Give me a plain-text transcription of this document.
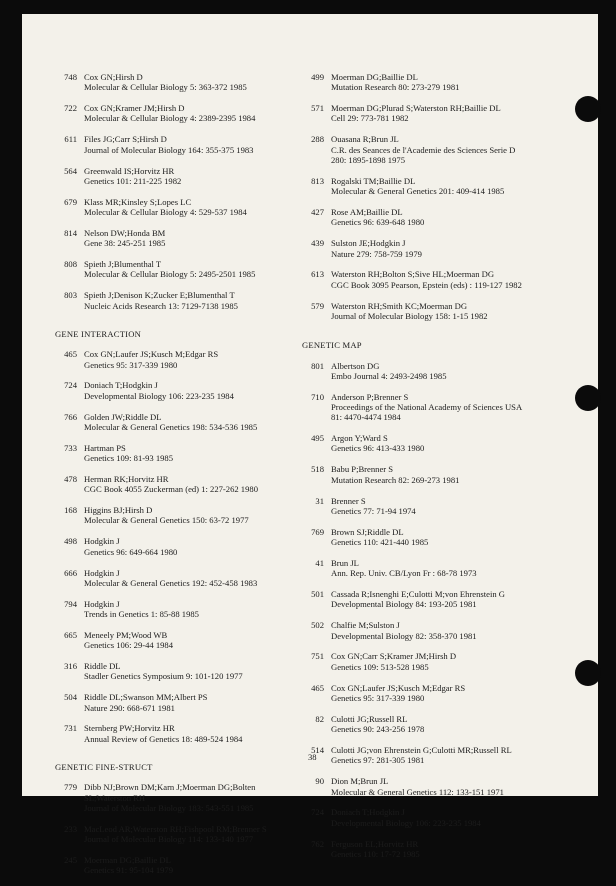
748 Cox GN;Hirsh D
Molecular & Cellular Biology 5: 363-372 1985
722 Cox GN;Kramer JM;Hirsh D
Molecular & Cellular Biology 4: 2389-2395 1984
611 Files JG;Carr S;Hirsh D
Journal of Molecular Biology 164: 355-375 1983
564 Greenwald IS;Horvitz HR
Genetics 101: 211-225 1982
679 Klass MR;Kinsley S;Lopes LC
Molecular & Cellular Biology 4: 529-537 1984
814 Nelson DW;Honda BM
Gene 38: 245-251 1985
808 Spieth J;Blumenthal T
Molecular & Cellular Biology 5: 2495-2501 1985
803 Spieth J;Denison K;Zucker E;Blumenthal T
Nucleic Acids Research 13: 7129-7138 1985
GENE INTERACTION
465 Cox GN;Laufer JS;Kusch M;Edgar RS
Genetics 95: 317-339 1980
724 Doniach T;Hodgkin J
Developmental Biology 106: 223-235 1984
766 Golden JW;Riddle DL
Molecular & General Genetics 198: 534-536 1985
733 Hartman PS
Genetics 109: 81-93 1985
478 Herman RK;Horvitz HR
CGC Book 4055 Zuckerman (ed) 1: 227-262 1980
168 Higgins BJ;Hirsh D
Molecular & General Genetics 150: 63-72 1977
498 Hodgkin J
Genetics 96: 649-664 1980
666 Hodgkin J
Molecular & General Genetics 192: 452-458 1983
794 Hodgkin J
Trends in Genetics 1: 85-88 1985
665 Meneely PM;Wood WB
Genetics 106: 29-44 1984
316 Riddle DL
Stadler Genetics Symposium 9: 101-120 1977
504 Riddle DL;Swanson MM;Albert PS
Nature 290: 668-671 1981
731 Sternberg PW;Horvitz HR
Annual Review of Genetics 18: 489-524 1984
GENETIC FINE-STRUCT
779 Dibb NJ;Brown DM;Karn J;Moerman DG;Bolten
SL;Waterston RH
Journal of Molecular Biology 183: 543-551 1985
233 MacLeod AR;Waterston RH;Fishpool RM;Brenner S
Journal of Molecular Biology 114: 133-140 1977
245 Moerman DG;Baillie DL
Genetics 91: 95-104 1979
499 Moerman DG;Baillie DL
Mutation Research 80: 273-279 1981
571 Moerman DG;Plurad S;Waterston RH;Baillie DL
Cell 29: 773-781 1982
288 Ouasana R;Brun JL
C.R. des Seances de l'Academie des Sciences Serie D
280: 1895-1898 1975
813 Rogalski TM;Baillie DL
Molecular & General Genetics 201: 409-414 1985
427 Rose AM;Baillie DL
Genetics 96: 639-648 1980
439 Sulston JE;Hodgkin J
Nature 279: 758-759 1979
613 Waterston RH;Bolton S;Sive HL;Moerman DG
CGC Book 3095 Pearson, Epstein (eds) : 119-127 1982
579 Waterston RH;Smith KC;Moerman DG
Journal of Molecular Biology 158: 1-15 1982
GENETIC MAP
801 Albertson DG
Embo Journal 4: 2493-2498 1985
710 Anderson P;Brenner S
Proceedings of the National Academy of Sciences USA
81: 4470-4474 1984
495 Argon Y;Ward S
Genetics 96: 413-433 1980
518 Babu P;Brenner S
Mutation Research 82: 269-273 1981
31 Brenner S
Genetics 77: 71-94 1974
769 Brown SJ;Riddle DL
Genetics 110: 421-440 1985
41 Brun JL
Ann. Rep. Univ. CB/Lyon Fr : 68-78 1973
501 Cassada R;Isnenghi E;Culotti M;von Ehrenstein G
Developmental Biology 84: 193-205 1981
502 Chalfie M;Sulston J
Developmental Biology 82: 358-370 1981
751 Cox GN;Carr S;Kramer JM;Hirsh D
Genetics 109: 513-528 1985
465 Cox GN;Laufer JS;Kusch M;Edgar RS
Genetics 95: 317-339 1980
82 Culotti JG;Russell RL
Genetics 90: 243-256 1978
514 Culotti JG;von Ehrenstein G;Culotti MR;Russell RL
Genetics 97: 281-305 1981
90 Dion M;Brun JL
Molecular & General Genetics 112: 133-151 1971
724 Doniach T;Hodgkin J
Developmental Biology 106: 223-235 1984
762 Ferguson EL;Horvitz HR
Genetics 110: 17-72 1985
38
